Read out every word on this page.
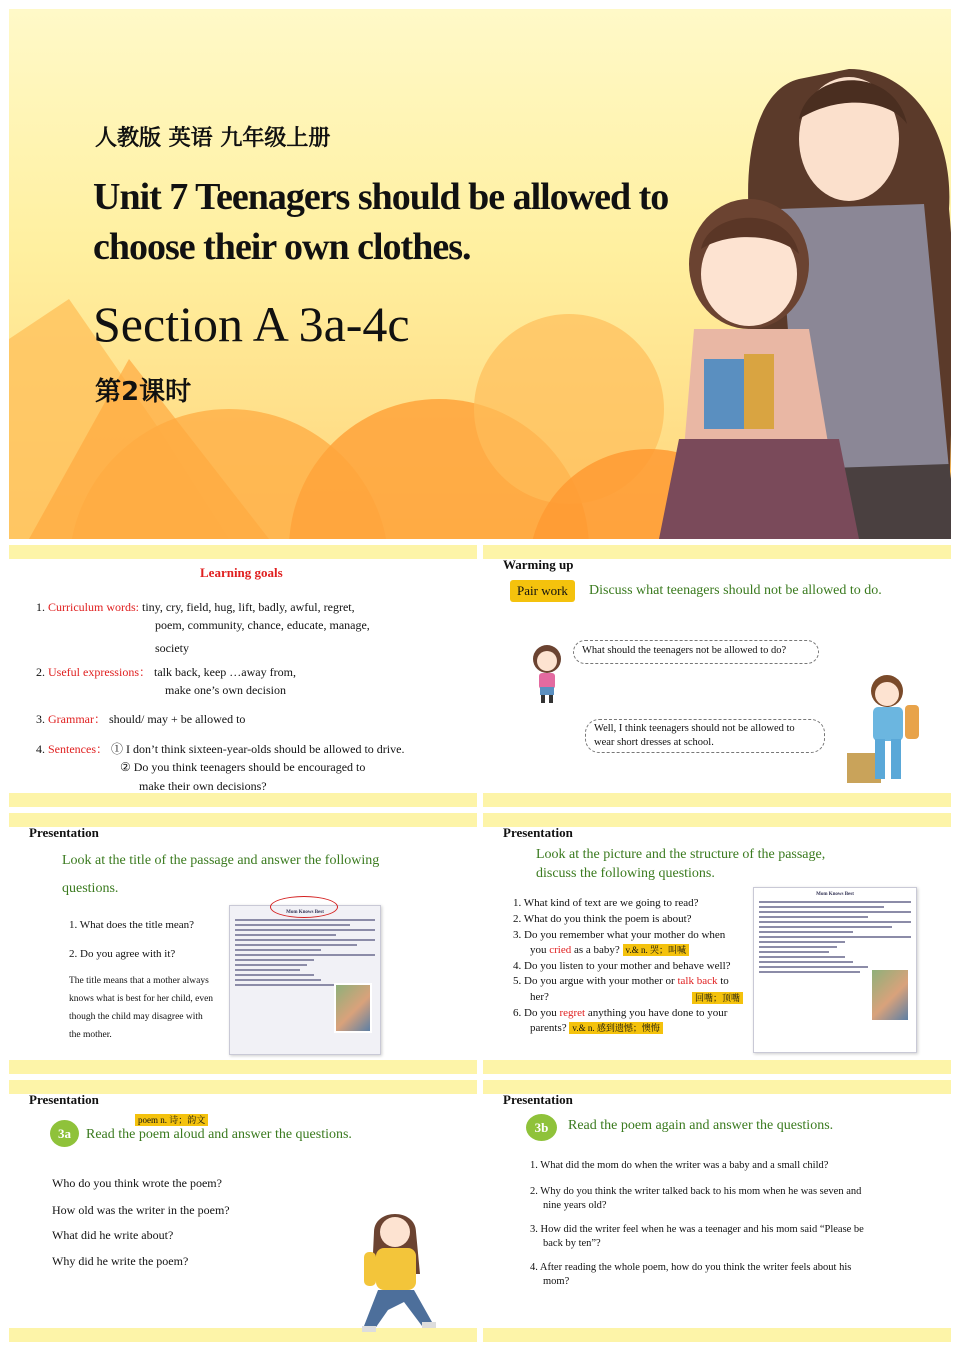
人教版 英语 九年级上册
Unit 7 Teenagers should be allowed to
choose their own clothes.
Section A 3a-4c
第2课时
Learning goals
1. Curriculum words: tiny, cry, field, hug, lift, badly, awful, regret,
poem, community, chance, educate, manage,
society
2. Useful expressions： talk back, keep …away from,
make one’s own decision
3. Grammar： should/ may + be allowed to
4. Sentences： ① I don’t think sixteen-year-olds should be allowed to drive.
② Do you think teenagers should be encouraged to
make their own decisions?
Warming up
Pair work	Discuss what teenagers should not be allowed to do.
What should the teenagers not be allowed to do?
Well, I think teenagers should not be allowed to
wear short dresses at school.
Presentation
Look at the title of the passage and answer the following
questions.
1. What does the title mean?
2. Do you agree with it?
The title means that a mother always
knows what is best for her child, even
though the child may disagree with
the mother.
Mom Knows Best
Presentation
Look at the picture and the structure of the passage,
discuss the following questions.
1. What kind of text are we going to read?
2. What do you think the poem is about?
3. Do you remember what your mother do when
you cried as a baby? v.& n. 哭；叫喊
4. Do you listen to your mother and behave well?
5. Do you argue with your mother or talk back to
her?	回嘴；顶嘴
6. Do you regret anything you have done to your
parents? v.& n. 感到遗憾；懊悔
Mom Knows Best
Presentation
poem n. 诗；韵文
3a	Read the poem aloud and answer the questions.
Who do you think wrote the poem?
How old was the writer in the poem?
What did he write about?
Why did he write the poem?
Presentation
3b	Read the poem again and answer the questions.
1. What did the mom do when the writer was a baby and a small child?
2. Why do you think the writer talked back to his mom when he was seven and
nine years old?
3. How did the writer feel when he was a teenager and his mom said “Please be
back by ten”?
4. After reading the whole poem, how do you think the writer feels about his
mom?
